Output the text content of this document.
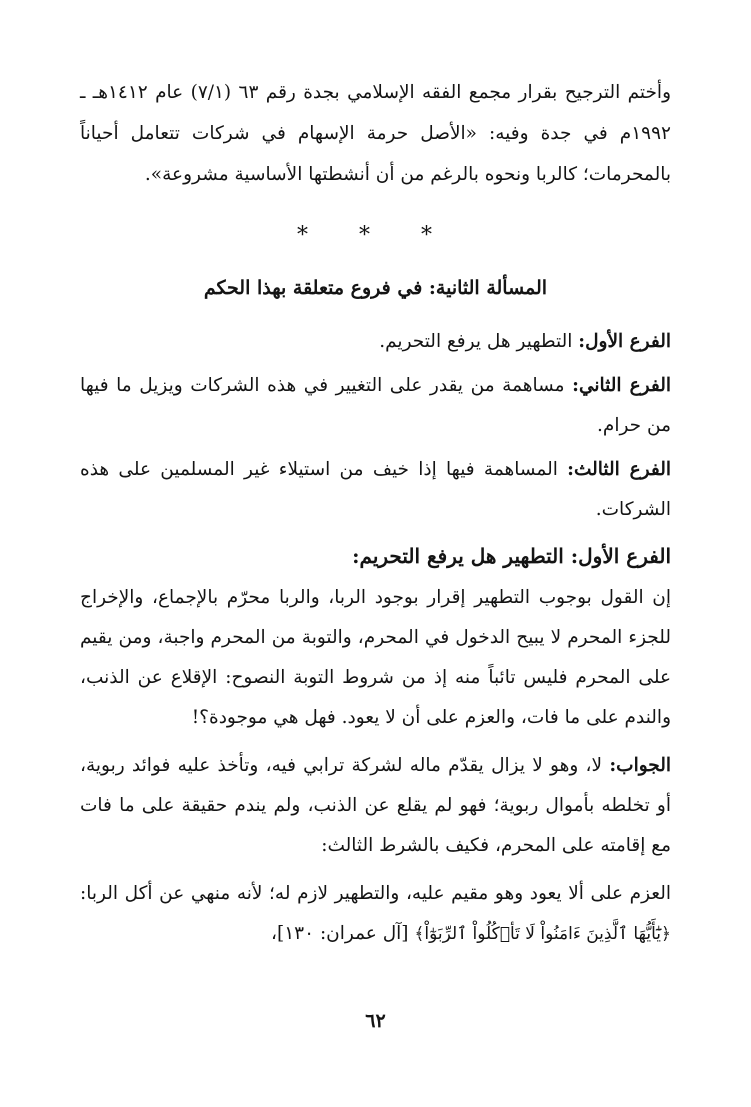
وأختم الترجيح بقرار مجمع الفقه الإسلامي بجدة رقم ٦٣ (٧/١) عام ١٤١٢هـ ـ ١٩٩٢م في جدة وفيه: «الأصل حرمة الإسهام في شركات تتعامل أحياناً بالمحرمات؛ كالربا ونحوه بالرغم من أن أنشطتها الأساسية مشروعة».

* * *
المسألة الثانية: في فروع متعلقة بهذا الحكم

الفرع الأول: التطهير هل يرفع التحريم.

الفرع الثاني: مساهمة من يقدر على التغيير في هذه الشركات ويزيل ما فيها من حرام.

الفرع الثالث: المساهمة فيها إذا خيف من استيلاء غير المسلمين على هذه الشركات.

الفرع الأول: التطهير هل يرفع التحريم:

إن القول بوجوب التطهير إقرار بوجود الربا، والربا محرّم بالإجماع، والإخراج للجزء المحرم لا يبيح الدخول في المحرم، والتوبة من المحرم واجبة، ومن يقيم على المحرم فليس تائباً منه إذ من شروط التوبة النصوح: الإقلاع عن الذنب، والندم على ما فات، والعزم على أن لا يعود. فهل هي موجودة؟!

الجواب: لا، وهو لا يزال يقدّم ماله لشركة ترابي فيه، وتأخذ عليه فوائد ربوية، أو تخلطه بأموال ربوية؛ فهو لم يقلع عن الذنب، ولم يندم حقيقة على ما فات مع إقامته على المحرم، فكيف بالشرط الثالث:

العزم على ألا يعود وهو مقيم عليه، والتطهير لازم له؛ لأنه منهي عن أكل الربا: ﴿يَٰٓأَيُّهَا ٱلَّذِينَ ءَامَنُواْ لَا تَأۡكُلُواْ ٱلرِّبَوٰٓاْ﴾ [آل عمران: ١٣٠]،

٦٢
